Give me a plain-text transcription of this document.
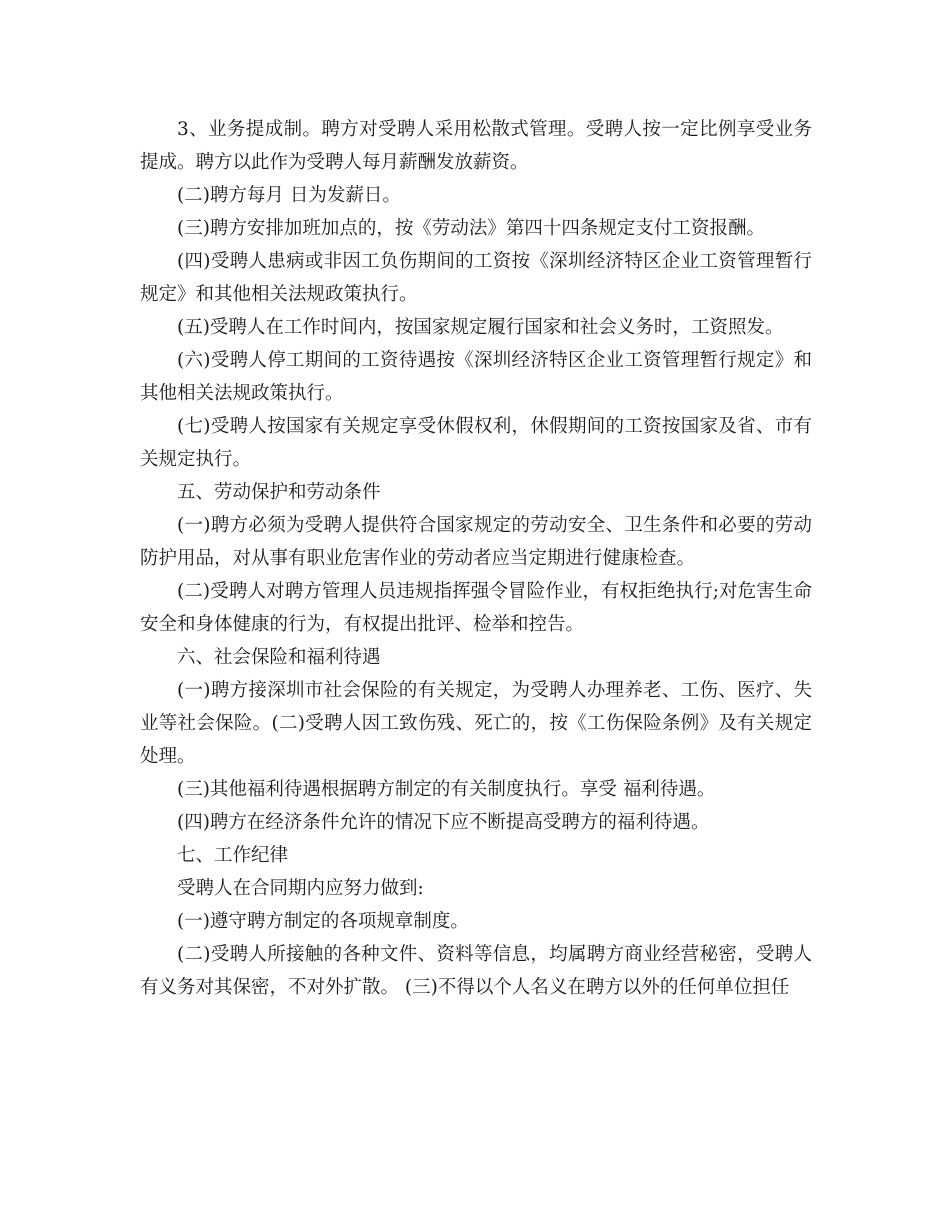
3、业务提成制。聘方对受聘人采用松散式管理。受聘人按一定比例享受业务提成。聘方以此作为受聘人每月薪酬发放薪资。

(二)聘方每月 日为发薪日。

(三)聘方安排加班加点的，按《劳动法》第四十四条规定支付工资报酬。

(四)受聘人患病或非因工负伤期间的工资按《深圳经济特区企业工资管理暂行规定》和其他相关法规政策执行。

(五)受聘人在工作时间内，按国家规定履行国家和社会义务时，工资照发。

(六)受聘人停工期间的工资待遇按《深圳经济特区企业工资管理暂行规定》和其他相关法规政策执行。

(七)受聘人按国家有关规定享受休假权利，休假期间的工资按国家及省、市有关规定执行。

五、劳动保护和劳动条件

(一)聘方必须为受聘人提供符合国家规定的劳动安全、卫生条件和必要的劳动防护用品，对从事有职业危害作业的劳动者应当定期进行健康检查。

(二)受聘人对聘方管理人员违规指挥强令冒险作业，有权拒绝执行;对危害生命安全和身体健康的行为，有权提出批评、检举和控告。

六、社会保险和福利待遇

(一)聘方接深圳市社会保险的有关规定，为受聘人办理养老、工伤、医疗、失业等社会保险。(二)受聘人因工致伤残、死亡的，按《工伤保险条例》及有关规定处理。

(三)其他福利待遇根据聘方制定的有关制度执行。享受 福利待遇。

(四)聘方在经济条件允许的情况下应不断提高受聘方的福利待遇。

七、工作纪律

受聘人在合同期内应努力做到:

(一)遵守聘方制定的各项规章制度。

(二)受聘人所接触的各种文件、资料等信息，均属聘方商业经营秘密，受聘人有义务对其保密，不对外扩散。 (三)不得以个人名义在聘方以外的任何单位担任
